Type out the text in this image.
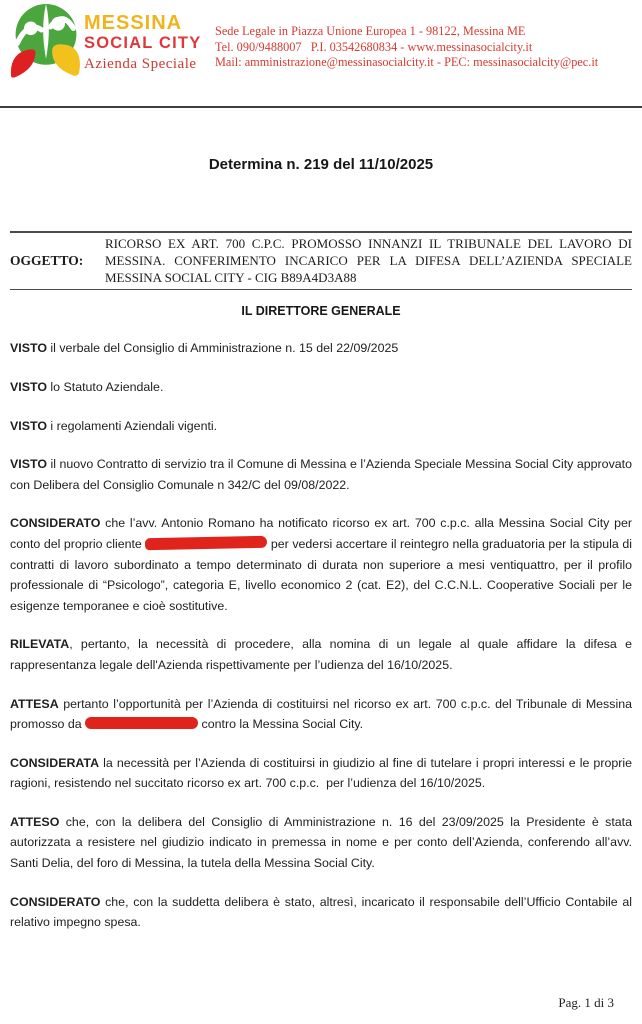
MESSINA
SOCIAL CITY
Azienda Speciale
Sede Legale in Piazza Unione Europea 1 - 98122, Messina ME
Tel. 090/9488007   P.I. 03542680834 - www.messinasocialcity.it
Mail: amministrazione@messinasocialcity.it - PEC: messinasocialcity@pec.it
Determina n. 219 del 11/10/2025
OGGETTO:
RICORSO EX ART. 700 C.P.C. PROMOSSO INNANZI IL TRIBUNALE DEL LAVORO DI MESSINA. CONFERIMENTO INCARICO PER LA DIFESA DELL’AZIENDA SPECIALE MESSINA SOCIAL CITY - CIG B89A4D3A88
IL DIRETTORE GENERALE

VISTO il verbale del Consiglio di Amministrazione n. 15 del 22/09/2025

VISTO lo Statuto Aziendale.

VISTO i regolamenti Aziendali vigenti.

VISTO il nuovo Contratto di servizio tra il Comune di Messina e l’Azienda Speciale Messina Social City approvato con Delibera del Consiglio Comunale n 342/C del 09/08/2022.

CONSIDERATO che l’avv. Antonio Romano ha notificato ricorso ex art. 700 c.p.c. alla Messina Social City per conto del proprio cliente	per vedersi accertare il reintegro nella graduatoria per la stipula di contratti di lavoro subordinato a tempo determinato di durata non superiore a mesi ventiquattro, per il profilo professionale di “Psicologo”, categoria E, livello economico 2 (cat. E2), del C.C.N.L. Cooperative Sociali per le esigenze temporanee e cioè sostitutive.

RILEVATA, pertanto, la necessità di procedere, alla nomina di un legale al quale affidare la difesa e rappresentanza legale dell'Azienda rispettivamente per l’udienza del 16/10/2025.

ATTESA pertanto l’opportunità per l’Azienda di costituirsi nel ricorso ex art. 700 c.p.c. del Tribunale di Messina promosso da	contro la Messina Social City.

CONSIDERATA la necessità per l’Azienda di costituirsi in giudizio al fine di tutelare i propri interessi e le proprie ragioni, resistendo nel succitato ricorso ex art. 700 c.p.c.  per l’udienza del 16/10/2025.

ATTESO che, con la delibera del Consiglio di Amministrazione n. 16 del 23/09/2025 la Presidente è stata autorizzata a resistere nel giudizio indicato in premessa in nome e per conto dell’Azienda, conferendo all’avv. Santi Delia, del foro di Messina, la tutela della Messina Social City.

CONSIDERATO che, con la suddetta delibera è stato, altresì, incaricato il responsabile dell’Ufficio Contabile al relativo impegno spesa.

Pag. 1 di 3
